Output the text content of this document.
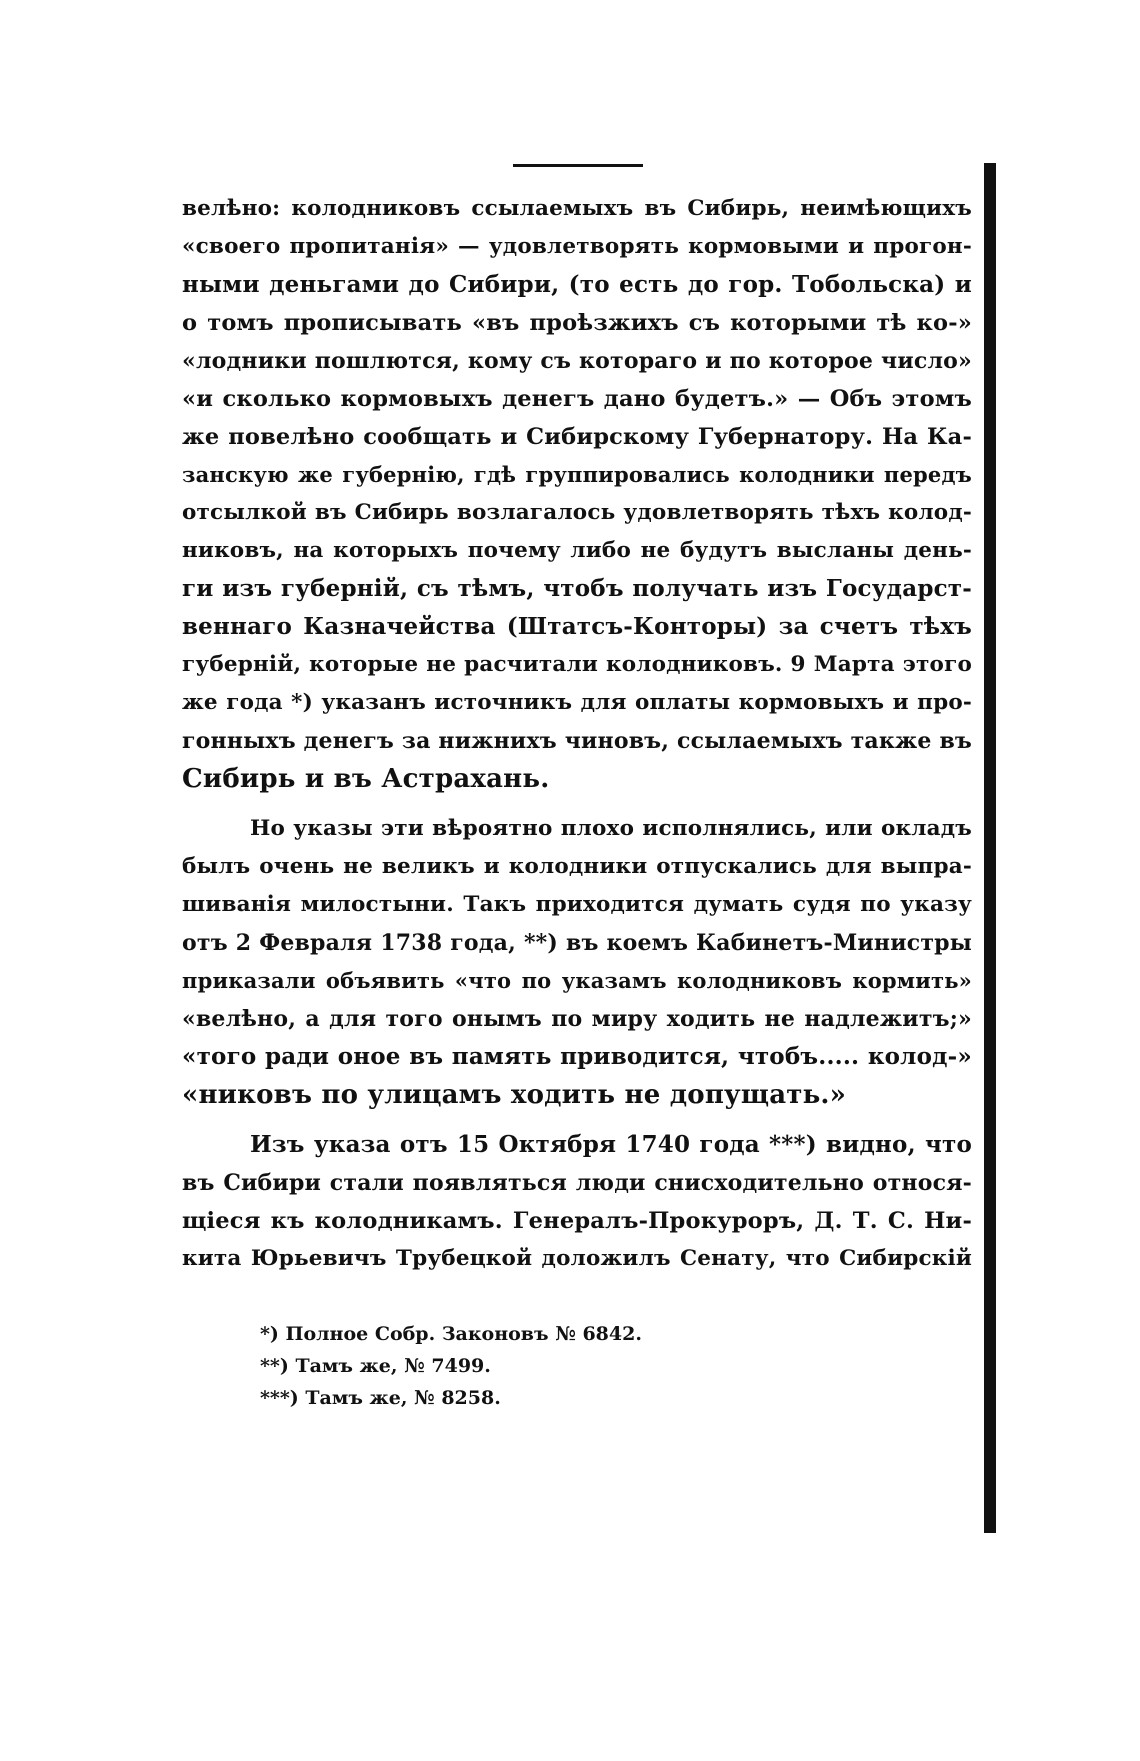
велѣно: колодниковъ ссылаемыхъ въ Сибирь, неимѣющихъ
«своего пропитанія» — удовлетворять кормовыми и прогон-
ными деньгами до Сибири, (то есть до гор. Тобольска) и
о томъ прописывать «въ проѣзжихъ съ которыми тѣ ко-»
«лодники пошлются, кому съ котораго и по которое число»
«и сколько кормовыхъ денегъ дано будетъ.» — Объ этомъ
же повелѣно сообщать и Сибирскому Губернатору. На Ка-
занскую же губернію, гдѣ группировались колодники передъ
отсылкой въ Сибирь возлагалось удовлетворять тѣхъ колод-
никовъ, на которыхъ почему либо не будутъ высланы день-
ги изъ губерній, съ тѣмъ, чтобъ получать изъ Государст-
веннаго Казначейства (Штатсъ-Конторы) за счетъ тѣхъ
губерній, которые не расчитали колодниковъ. 9 Марта этого
же года *) указанъ источникъ для оплаты кормовыхъ и про-
гонныхъ денегъ за нижнихъ чиновъ, ссылаемыхъ также въ
Сибирь и въ Астрахань.
Но указы эти вѣроятно плохо исполнялись, или окладъ
былъ очень не великъ и колодники отпускались для выпра-
шиванія милостыни. Такъ приходится думать судя по указу
отъ 2 Февраля 1738 года, **) въ коемъ Кабинетъ-Министры
приказали объявить «что по указамъ колодниковъ кормить»
«велѣно, а для того онымъ по миру ходить не надлежитъ;»
«того ради оное въ память приводится, чтобъ..... колод-»
«никовъ по улицамъ ходить не допущать.»
Изъ указа отъ 15 Октября 1740 года ***) видно, что
въ Сибири стали появляться люди снисходительно относя-
щіеся къ колодникамъ. Генералъ-Прокуроръ, Д. Т. С. Ни-
кита Юрьевичъ Трубецкой доложилъ Сенату, что Сибирскій
*) Полное Собр. Законовъ № 6842.
**) Тамъ же, № 7499.
***) Тамъ же, № 8258.
